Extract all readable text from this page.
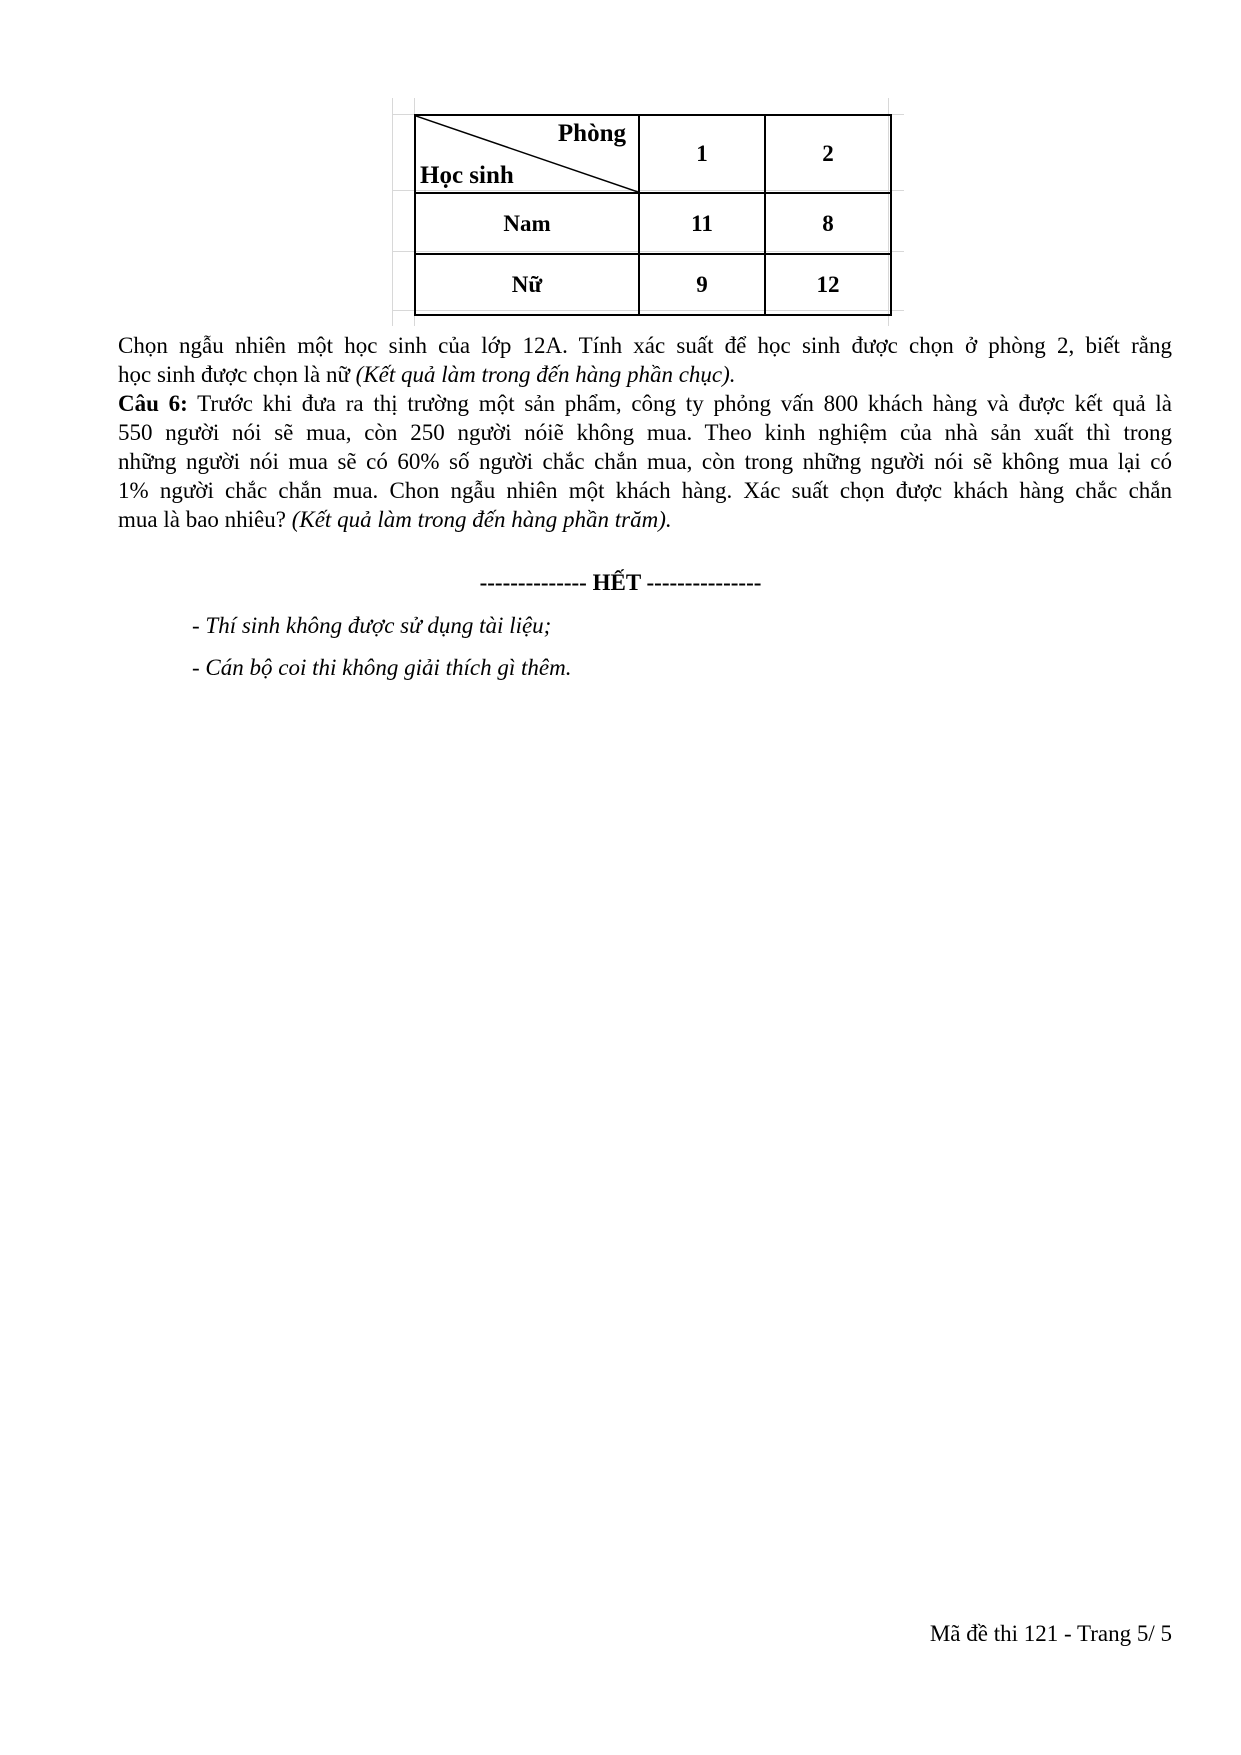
Phòng
Học sinh	1	2
Nam	11	8
Nữ	9	12
Chọn ngẫu nhiên một học sinh của lớp 12A. Tính xác suất để học sinh được chọn ở phòng 2, biết rằng
học sinh được chọn là nữ (Kết quả làm trong đến hàng phần chục).
Câu 6: Trước khi đưa ra thị trường một sản phẩm, công ty phỏng vấn 800 khách hàng và được kết quả là
550 người nói sẽ mua, còn 250 người nóiẽ không mua. Theo kinh nghiệm của nhà sản xuất thì trong
những người nói mua sẽ có 60% số người chắc chắn mua, còn trong những người nói sẽ không mua lại có
1% người chắc chắn mua. Chon ngẫu nhiên một khách hàng. Xác suất chọn được khách hàng chắc chắn
mua là bao nhiêu? (Kết quả làm trong đến hàng phần trăm).
-------------- HẾT ---------------
- Thí sinh không được sử dụng tài liệu;
- Cán bộ coi thi không giải thích gì thêm.
Mã đề thi 121 - Trang 5/ 5
